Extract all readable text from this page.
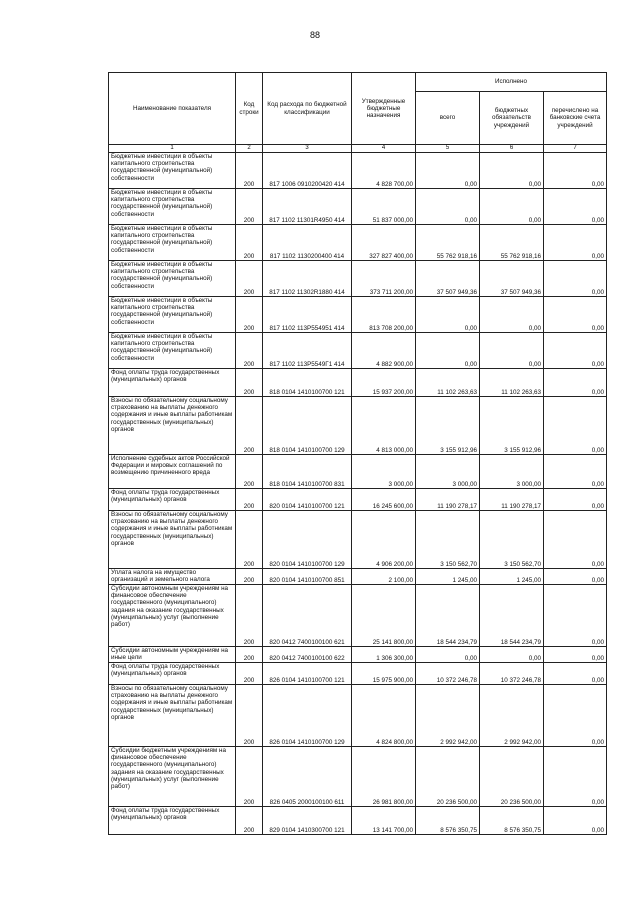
88
Наименование показателя	Код строки	Код расхода по бюджетной классификации	Утвержденные бюджетные назначения	Исполнено		
				всего	бюджетных обязательств учреждений	перечислено на банковские счета учреждений
1	2	3	4	5	6	7
Бюджетные инвестиции в объекты капитального строительства государственной (муниципальной) собственности	200	817 1006 0910200420 414	4 828 700,00	0,00	0,00	0,00
Бюджетные инвестиции в объекты капитального строительства государственной (муниципальной) собственности	200	817 1102 11301R4950 414	51 837 000,00	0,00	0,00	0,00
Бюджетные инвестиции в объекты капитального строительства государственной (муниципальной) собственности	200	817 1102 1130200400 414	327 827 400,00	55 762 918,16	55 762 918,16	0,00
Бюджетные инвестиции в объекты капитального строительства государственной (муниципальной) собственности	200	817 1102 11302R1880 414	373 711 200,00	37 507 949,36	37 507 949,36	0,00
Бюджетные инвестиции в объекты капитального строительства государственной (муниципальной) собственности	200	817 1102 113P554951 414	813 708 200,00	0,00	0,00	0,00
Бюджетные инвестиции в объекты капитального строительства государственной (муниципальной) собственности	200	817 1102 113P5549Г1 414	4 882 900,00	0,00	0,00	0,00
Фонд оплаты труда государственных (муниципальных) органов	200	818 0104 1410100700 121	15 937 200,00	11 102 263,63	11 102 263,63	0,00
Взносы по обязательному социальному страхованию на выплаты денежного содержания и иные выплаты работникам государственных (муниципальных) органов	200	818 0104 1410100700 129	4 813 000,00	3 155 912,96	3 155 912,96	0,00
Исполнение судебных актов Российской Федерации и мировых соглашений по возмещению причиненного вреда	200	818 0104 1410100700 831	3 000,00	3 000,00	3 000,00	0,00
Фонд оплаты труда государственных (муниципальных) органов	200	820 0104 1410100700 121	16 245 600,00	11 190 278,17	11 190 278,17	0,00
Взносы по обязательному социальному страхованию на выплаты денежного содержания и иные выплаты работникам государственных (муниципальных) органов	200	820 0104 1410100700 129	4 906 200,00	3 150 562,70	3 150 562,70	0,00
Уплата налога на имущество организаций и земельного налога	200	820 0104 1410100700 851	2 100,00	1 245,00	1 245,00	0,00
Субсидии автономным учреждениям на финансовое обеспечение государственного (муниципального) задания на оказание государственных (муниципальных) услуг (выполнение работ)	200	820 0412 7400100100 621	25 141 800,00	18 544 234,79	18 544 234,79	0,00
Субсидии автономным учреждениям на иные цели	200	820 0412 7400100100 622	1 306 300,00	0,00	0,00	0,00
Фонд оплаты труда государственных (муниципальных) органов	200	826 0104 1410100700 121	15 975 900,00	10 372 246,78	10 372 246,78	0,00
Взносы по обязательному социальному страхованию на выплаты денежного содержания и иные выплаты работникам государственных (муниципальных) органов	200	826 0104 1410100700 129	4 824 800,00	2 992 942,00	2 992 942,00	0,00
Субсидии бюджетным учреждениям на финансовое обеспечение государственного (муниципального) задания на оказание государственных (муниципальных) услуг (выполнение работ)	200	826 0405 2000100100 611	26 981 800,00	20 236 500,00	20 236 500,00	0,00
Фонд оплаты труда государственных (муниципальных) органов	200	829 0104 1410300700 121	13 141 700,00	8 576 350,75	8 576 350,75	0,00
